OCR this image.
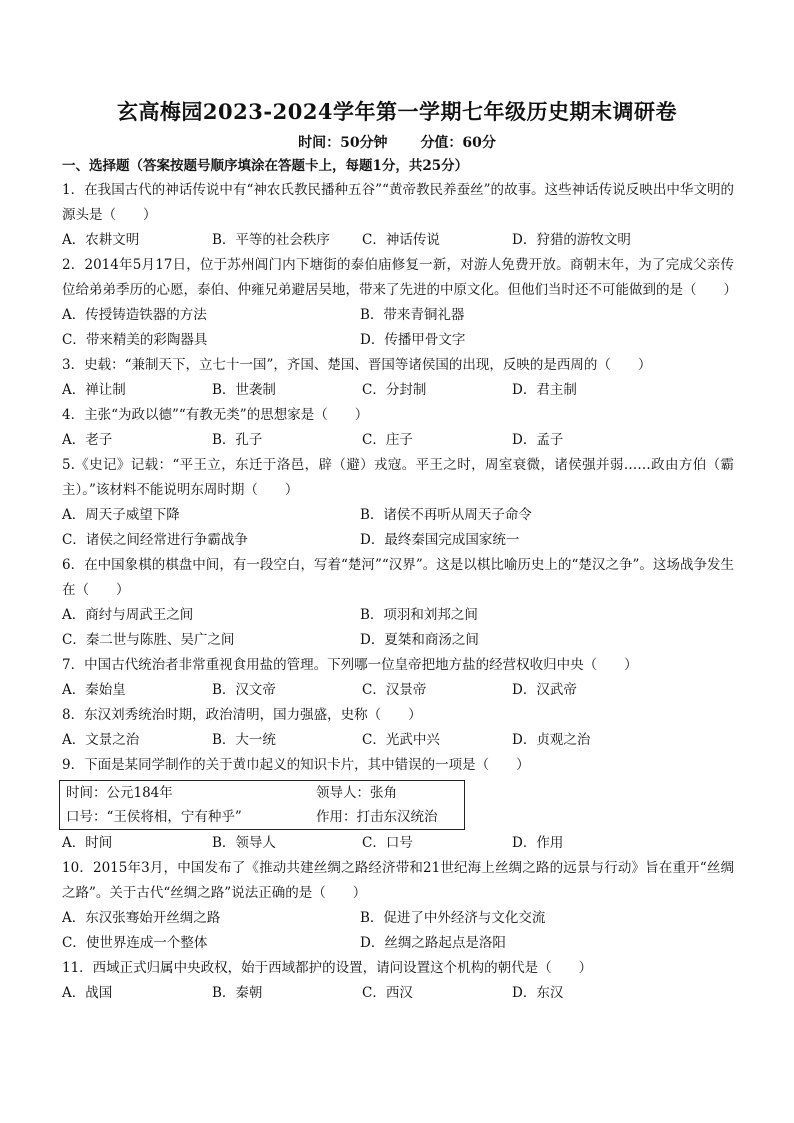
玄高梅园2023-2024学年第一学期七年级历史期末调研卷
时间：50分钟 分值：60分
一、选择题（答案按题号顺序填涂在答题卡上，每题1分，共25分）
1．在我国古代的神话传说中有“神农氏教民播种五谷”“黄帝教民养蚕丝”的故事。这些神话传说反映出中华文明的源头是（　　）
A．农耕文明	B．平等的社会秩序	C．神话传说	D．狩猎的游牧文明
2．2014年5月17日，位于苏州阊门内下塘街的泰伯庙修复一新，对游人免费开放。商朝末年，为了完成父亲传位给弟弟季历的心愿，泰伯、仲雍兄弟避居吴地，带来了先进的中原文化。但他们当时还不可能做到的是（　　）
A．传授铸造铁器的方法	B．带来青铜礼器
C．带来精美的彩陶器具	D．传播甲骨文字
3．史载：“兼制天下，立七十一国”，齐国、楚国、晋国等诸侯国的出现，反映的是西周的（　　）
A．禅让制	B．世袭制	C．分封制	D．君主制
4．主张“为政以德”“有教无类”的思想家是（　　）
A．老子	B．孔子	C．庄子	D．孟子
5.《史记》记载：“平王立，东迁于洛邑，辟（避）戎寇。平王之时，周室衰微，诸侯强并弱……政由方伯（霸主）。”该材料不能说明东周时期（　　）
A．周天子威望下降	B．诸侯不再听从周天子命令
C．诸侯之间经常进行争霸战争	D．最终秦国完成国家统一
6．在中国象棋的棋盘中间，有一段空白，写着“楚河”“汉界”。这是以棋比喻历史上的“楚汉之争”。这场战争发生在（　　）
A．商纣与周武王之间	B．项羽和刘邦之间
C．秦二世与陈胜、吴广之间	D．夏桀和商汤之间
7．中国古代统治者非常重视食用盐的管理。下列哪一位皇帝把地方盐的经营权收归中央（　　）
A．秦始皇	B．汉文帝	C．汉景帝	D．汉武帝
8．东汉刘秀统治时期，政治清明，国力强盛，史称（　　）
A．文景之治	B．大一统	C．光武中兴	D．贞观之治
9．下面是某同学制作的关于黄巾起义的知识卡片，其中错误的一项是（　　）
时间：公元184年	领导人：张角
口号：“王侯将相，宁有种乎”	作用：打击东汉统治
A．时间	B．领导人	C．口号	D．作用
10．2015年3月，中国发布了《推动共建丝绸之路经济带和21世纪海上丝绸之路的远景与行动》旨在重开“丝绸之路”。关于古代“丝绸之路”说法正确的是（　　）
A．东汉张骞始开丝绸之路	B．促进了中外经济与文化交流
C．使世界连成一个整体	D．丝绸之路起点是洛阳
11．西域正式归属中央政权，始于西域都护的设置，请问设置这个机构的朝代是（　　）
A．战国	B．秦朝	C．西汉	D．东汉
